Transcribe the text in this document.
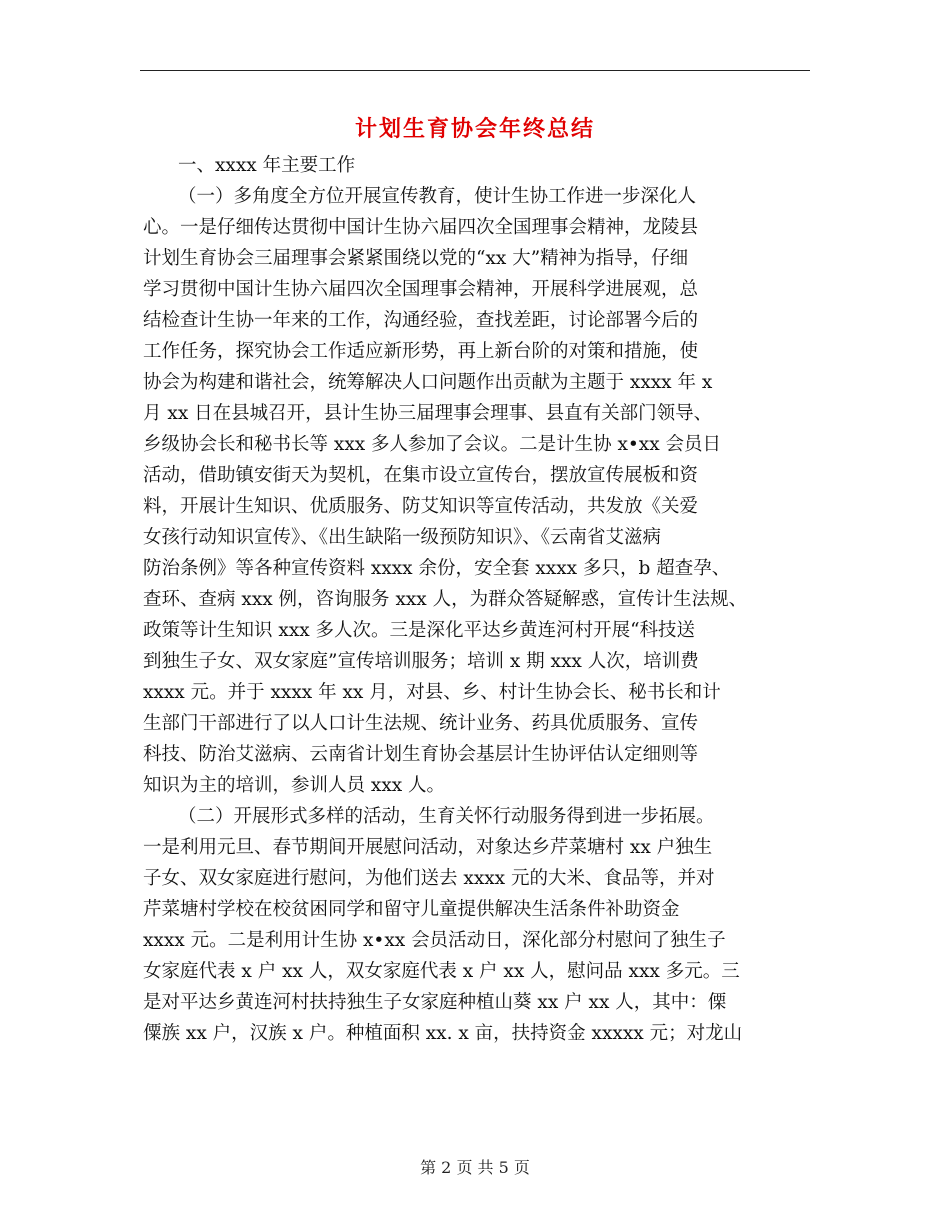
计划生育协会年终总结
一、xxxx 年主要工作
（一）多角度全方位开展宣传教育，使计生协工作进一步深化人
心。一是仔细传达贯彻中国计生协六届四次全国理事会精神，龙陵县
计划生育协会三届理事会紧紧围绕以党的“xx 大”精神为指导，仔细
学习贯彻中国计生协六届四次全国理事会精神，开展科学进展观，总
结检查计生协一年来的工作，沟通经验，查找差距，讨论部署今后的
工作任务，探究协会工作适应新形势，再上新台阶的对策和措施，使
协会为构建和谐社会，统筹解决人口问题作出贡献为主题于 xxxx 年 x
月 xx 日在县城召开，县计生协三届理事会理事、县直有关部门领导、
乡级协会长和秘书长等 xxx 多人参加了会议。二是计生协 x•xx 会员日
活动，借助镇安街天为契机，在集市设立宣传台，摆放宣传展板和资
料，开展计生知识、优质服务、防艾知识等宣传活动，共发放《关爱
女孩行动知识宣传》、《出生缺陷一级预防知识》、《云南省艾滋病
防治条例》等各种宣传资料 xxxx 余份，安全套 xxxx 多只，b 超查孕、
查环、查病 xxx 例，咨询服务 xxx 人，为群众答疑解惑，宣传计生法规、
政策等计生知识 xxx 多人次。三是深化平达乡黄连河村开展“科技送
到独生子女、双女家庭”宣传培训服务；培训 x 期 xxx 人次，培训费
xxxx 元。并于 xxxx 年 xx 月，对县、乡、村计生协会长、秘书长和计
生部门干部进行了以人口计生法规、统计业务、药具优质服务、宣传
科技、防治艾滋病、云南省计划生育协会基层计生协评估认定细则等
知识为主的培训，参训人员 xxx 人。
（二）开展形式多样的活动，生育关怀行动服务得到进一步拓展。
一是利用元旦、春节期间开展慰问活动，对象达乡芹菜塘村 xx 户独生
子女、双女家庭进行慰问，为他们送去 xxxx 元的大米、食品等，并对
芹菜塘村学校在校贫困同学和留守儿童提供解决生活条件补助资金
xxxx 元。二是利用计生协 x•xx 会员活动日，深化部分村慰问了独生子
女家庭代表 x 户 xx 人，双女家庭代表 x 户 xx 人，慰问品 xxx 多元。三
是对平达乡黄连河村扶持独生子女家庭种植山葵 xx 户 xx 人，其中：傈
僳族 xx 户，汉族 x 户。种植面积 xx. x 亩，扶持资金 xxxxx 元；对龙山
第 2 页 共 5 页
